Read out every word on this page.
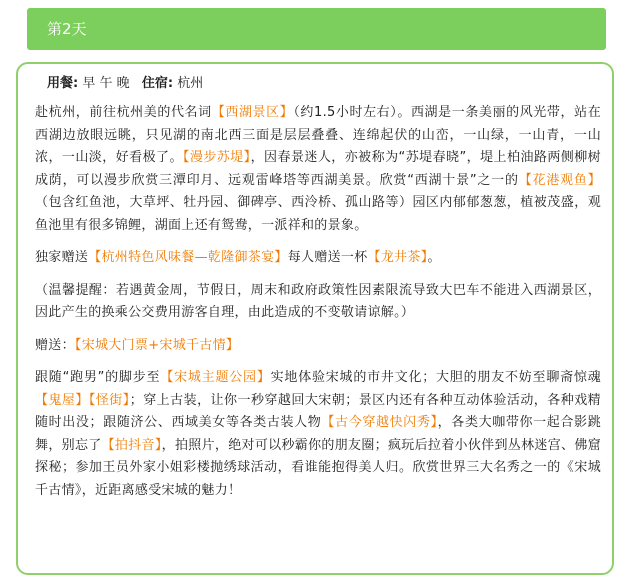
第2天
用餐: 早 午 晚 住宿: 杭州

赴杭州，前往杭州美的代名词【西湖景区】（约1.5小时左右）。西湖是一条美丽的风光带，站在西湖边放眼远眺，只见湖的南北西三面是层层叠叠、连绵起伏的山峦，一山绿，一山青，一山浓，一山淡，好看极了。【漫步苏堤】，因春景迷人，亦被称为“苏堤春晓”，堤上柏油路两侧柳树成荫，可以漫步欣赏三潭印月、远观雷峰塔等西湖美景。欣赏“西湖十景”之一的【花港观鱼】（包含红鱼池，大草坪、牡丹园、御碑亭、西泠桥、孤山路等）园区内郁郁葱葱，植被茂盛，观鱼池里有很多锦鲤，湖面上还有鸳鸯，一派祥和的景象。

独家赠送【杭州特色风味餐—乾隆御茶宴】每人赠送一杯【龙井茶】。

（温馨提醒：若遇黄金周，节假日，周末和政府政策性因素限流导致大巴车不能进入西湖景区，因此产生的换乘公交费用游客自理，由此造成的不变敬请谅解。）

赠送：【宋城大门票+宋城千古情】

跟随“跑男”的脚步至【宋城主题公园】实地体验宋城的市井文化；大胆的朋友不妨至聊斋惊魂【鬼屋】【怪街】；穿上古装，让你一秒穿越回大宋朝；景区内还有各种互动体验活动，各种戏精随时出没；跟随济公、西域美女等各类古装人物【古今穿越快闪秀】，各类大咖带你一起合影跳舞，别忘了【拍抖音】，拍照片，绝对可以秒霸你的朋友圈；疯玩后拉着小伙伴到丛林迷宫、佛窟探秘；参加王员外家小姐彩楼抛绣球活动，看谁能抱得美人归。欣赏世界三大名秀之一的《宋城千古情》，近距离感受宋城的魅力！
